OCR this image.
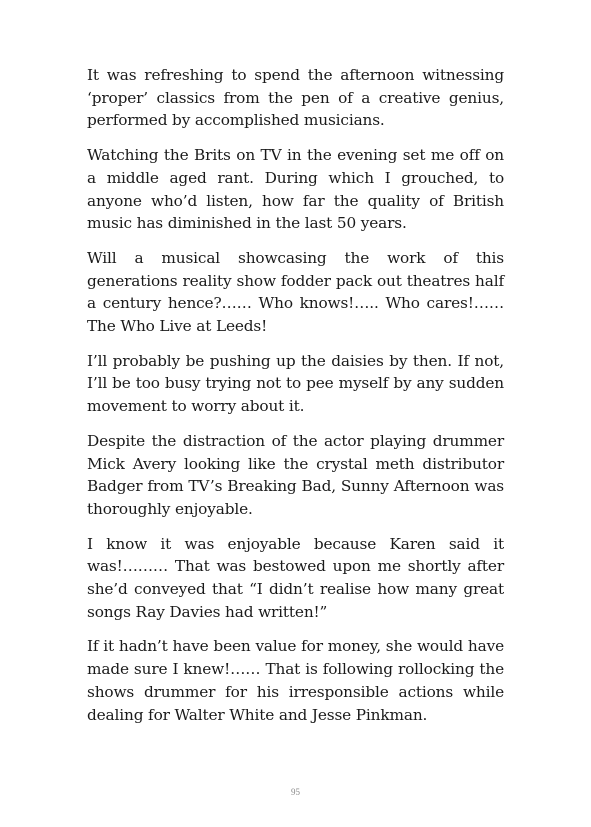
It was refreshing to spend the afternoon witnessing ‘proper’ classics from the pen of a creative genius, performed by accomplished musicians.

Watching the Brits on TV in the evening set me off on a middle aged rant. During which I grouched, to anyone who’d listen, how far the quality of British music has diminished in the last 50 years.

Will a musical showcasing the work of this generations reality show fodder pack out theatres half a century hence?…… Who knows!….. Who cares!…… The Who Live at Leeds!

I’ll probably be pushing up the daisies by then. If not, I’ll be too busy trying not to pee myself by any sudden movement to worry about it.

Despite the distraction of the actor playing drummer Mick Avery looking like the crystal meth distributor Badger from TV’s Breaking Bad, Sunny Afternoon was thoroughly enjoyable.

I know it was enjoyable because Karen said it was!……… That was bestowed upon me shortly after she’d conveyed that “I didn’t realise how many great songs Ray Davies had written!”

If it hadn’t have been value for money, she would have made sure I knew!…… That is following rollocking the shows drummer for his irresponsible actions while dealing for Walter White and Jesse Pinkman.

95
